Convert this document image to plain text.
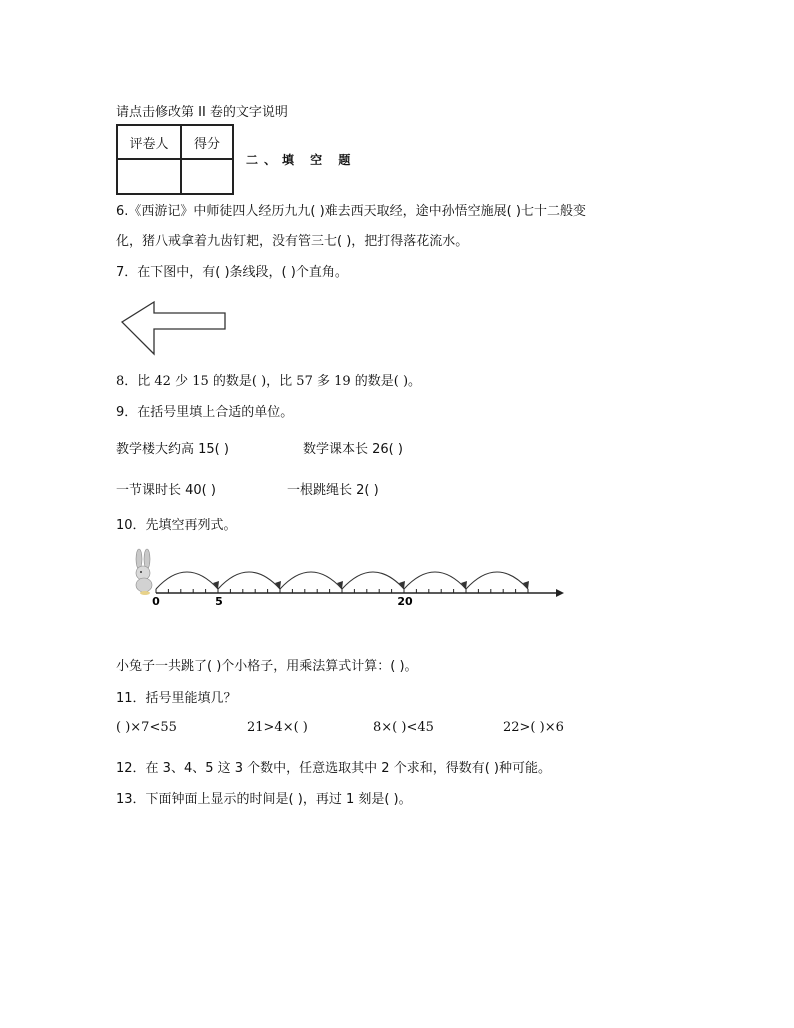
请点击修改第 II 卷的文字说明
评卷人	得分

二、填 空 题
6.《西游记》中师徒四人经历九九( )难去西天取经，途中孙悟空施展( )七十二般变
化，猪八戒拿着九齿钉耙，没有管三七( )，把打得落花流水。
7．在下图中，有( )条线段，( )个直角。
8．比 42 少 15 的数是( )，比 57 多 19 的数是( )。
9．在括号里填上合适的单位。
教学楼大约高 15( )	数学课本长 26( )
一节课时长 40( )	一根跳绳长 2( )
10．先填空再列式。
0	5	20
小兔子一共跳了( )个小格子，用乘法算式计算：( )。
11．括号里能填几？
( )×7<55	21>4×( )	8×( )<45	22>( )×6
12．在 3、4、5 这 3 个数中，任意选取其中 2 个求和，得数有( )种可能。
13．下面钟面上显示的时间是( )，再过 1 刻是( )。
